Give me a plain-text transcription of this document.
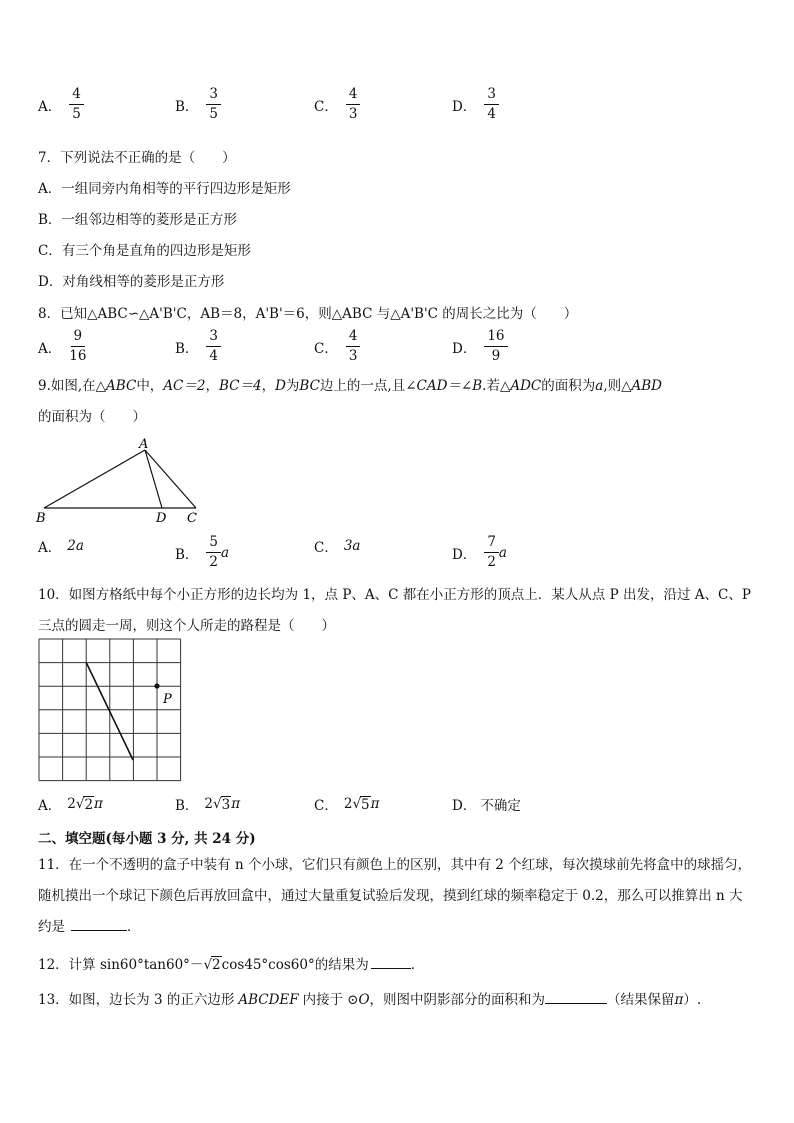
A． $\frac{4}{5}$	B． $\frac{3}{5}$	C． $\frac{4}{3}$	D． $\frac{3}{4}$
7．下列说法不正确的是（　　）
A．一组同旁内角相等的平行四边形是矩形
B．一组邻边相等的菱形是正方形
C．有三个角是直角的四边形是矩形
D．对角线相等的菱形是正方形
8．已知△ABC∽△A'B'C，AB＝8，A'B'＝6，则△ABC 与△A'B'C 的周长之比为（　　）
A． $\frac{9}{16}$	B． $\frac{3}{4}$	C． $\frac{4}{3}$	D． $\frac{16}{9}$
9.如图,在△ABC中，AC＝2，BC＝4，D为BC边上的一点,且∠CAD＝∠B.若△ADC的面积为a,则△ABD
的面积为（　　）
A
B	D C
A． 2a
B． $\frac{5}{2}$ a	C． 3a
D． $\frac{7}{2}$ a
10．如图方格纸中每个小正方形的边长均为 1，点 P、A、C 都在小正方形的顶点上．某人从点 P 出发，沿过 A、C、P
三点的圆走一周，则这个人所走的路程是（　　）
P
A． 2 √ 2 π	B． 2 √ 3 π	C． 2 √ 5 π	D． 不确定
二、填空题(每小题 3 分, 共 24 分)
11．在一个不透明的盒子中装有 n 个小球，它们只有颜色上的区别，其中有 2 个红球，每次摸球前先将盒中的球摇匀，
随机摸出一个球记下颜色后再放回盒中，通过大量重复试验后发现，摸到红球的频率稳定于 0.2，那么可以推算出 n 大
约是	．
12．计算 sin60°tan60°－√2cos45°cos60°的结果为	．
13．如图，边长为 3 的正六边形 ABCDEF 内接于 ⊙O，则图中阴影部分的面积和为	（结果保留π）.
